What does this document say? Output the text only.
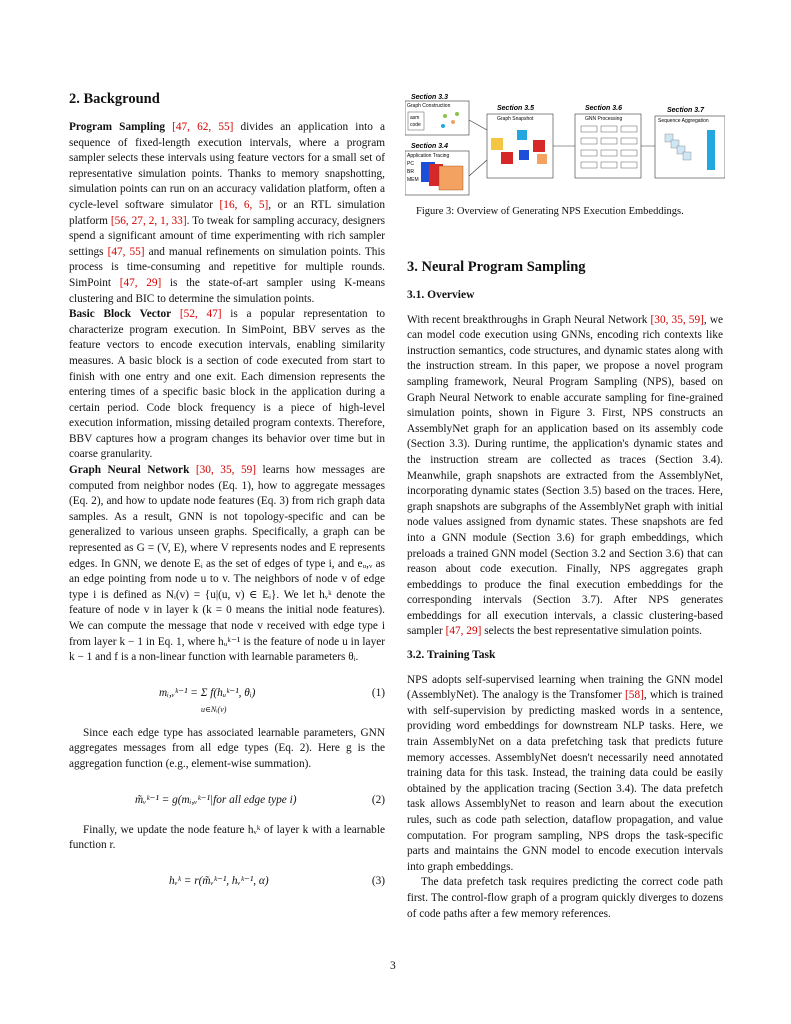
2. Background

Program Sampling [47, 62, 55] divides an application into a sequence of fixed-length execution intervals, where a program sampler selects these intervals using feature vectors for a small set of representative simulation points. Thanks to memory snapshotting, simulation points can run on an accuracy validation platform, often a cycle-level software simulator [16, 6, 5], or an RTL simulation platform [56, 27, 2, 1, 33]. To tweak for sampling accuracy, designers spend a significant amount of time experimenting with rich sampler settings [47, 55] and manual refinements on simulation points. This process is time-consuming and repetitive for multiple rounds. SimPoint [47, 29] is the state-of-art sampler using K-means clustering and BIC to determine the simulation points.

Basic Block Vector [52, 47] is a popular representation to characterize program execution. In SimPoint, BBV serves as the feature vectors to encode execution intervals, enabling similarity measures. A basic block is a section of code executed from start to finish with one entry and one exit. Each dimension represents the entering times of a specific basic block in the application during a certain period. Code block frequency is a piece of high-level execution information, missing detailed program contexts. Therefore, BBV captures how a program changes its behavior over time but in coarse granularity.

Graph Neural Network [30, 35, 59] learns how messages are computed from neighbor nodes (Eq. 1), how to aggregate messages (Eq. 2), and how to update node features (Eq. 3) from rich graph data samples. As a result, GNN is not topology-specific and can be generalized to various unseen graphs. Specifically, a graph can be represented as G = (V, E), where V represents nodes and E represents edges. In GNN, we denote Eᵢ as the set of edges of type i, and eᵤ,ᵥ as an edge pointing from node u to v. The neighbors of node v of edge type i is defined as Nᵢ(v) = {u|(u, v) ∈ Eᵢ}. We let hᵥᵏ denote the feature of node v in layer k (k = 0 means the initial node features). We can compute the message that node v received with edge type i from layer k − 1 in Eq. 1, where hᵤᵏ⁻¹ is the feature of node u in layer k − 1 and f is a non-linear function with learnable parameters θᵢ.

mᵢ,ᵥᵏ⁻¹ = Σ f(hᵤᵏ⁻¹, θᵢ)
u∈Nᵢ(v)
(1)

Since each edge type has associated learnable parameters, GNN aggregates messages from all edge types (Eq. 2). Here g is the aggregation function (e.g., element-wise summation).

m̃ᵥᵏ⁻¹ = g(mᵢ,ᵥᵏ⁻¹|for all edge type i)	(2)

Finally, we update the node feature hᵥᵏ of layer k with a learnable function r.

hᵥᵏ = r(m̃ᵥᵏ⁻¹, hᵥᵏ⁻¹, α)	(3)
Section 3.3
Graph Construction
asm
code
Section 3.4
Application Tracing
PC
BR
MEM
Section 3.5
Graph Snapshot
Section 3.6
GNN Processing
Section 3.7
Sequence Aggregation
Figure 3: Overview of Generating NPS Execution Embeddings.
3. Neural Program Sampling
3.1. Overview

With recent breakthroughs in Graph Neural Network [30, 35, 59], we can model code execution using GNNs, encoding rich contexts like instruction semantics, code structures, and dynamic states along with the instruction stream. In this paper, we propose a novel program sampling framework, Neural Program Sampling (NPS), based on Graph Neural Network to enable accurate sampling for fine-grained simulation points, shown in Figure 3. First, NPS constructs an AssemblyNet graph for an application based on its assembly code (Section 3.3). During runtime, the application's dynamic states and the instruction stream are collected as traces (Section 3.4). Meanwhile, graph snapshots are extracted from the AssemblyNet, incorporating dynamic states (Section 3.5) based on the traces. Here, graph snapshots are subgraphs of the AssemblyNet graph with initial node values assigned from dynamic states. These snapshots are fed into a GNN module (Section 3.6) for graph embeddings, which preloads a trained GNN model (Section 3.2 and Section 3.6) that can reason about code execution. Finally, NPS aggregates graph embeddings to produce the final execution embeddings for the corresponding intervals (Section 3.7). After NPS generates embeddings for all execution intervals, a classic clustering-based sampler [47, 29] selects the best representative simulation points.

3.2. Training Task

NPS adopts self-supervised learning when training the GNN model (AssemblyNet). The analogy is the Transfomer [58], which is trained with self-supervision by predicting masked words in a sentence, providing word embeddings for downstream NLP tasks. Here, we train AssemblyNet on a data prefetching task that predicts future memory accesses. AssemblyNet doesn't necessarily need annotated training data for this task. Instead, the training data could be easily obtained by the application tracing (Section 3.4). The data prefetch task allows AssemblyNet to reason and learn about the execution rules, such as code path selection, dataflow propagation, and value computation. For program sampling, NPS drops the task-specific parts and maintains the GNN model to encode execution intervals into graph embeddings.

The data prefetch task requires predicting the correct code path first. The control-flow graph of a program quickly diverges to dozens of code paths after a few memory references.

3
